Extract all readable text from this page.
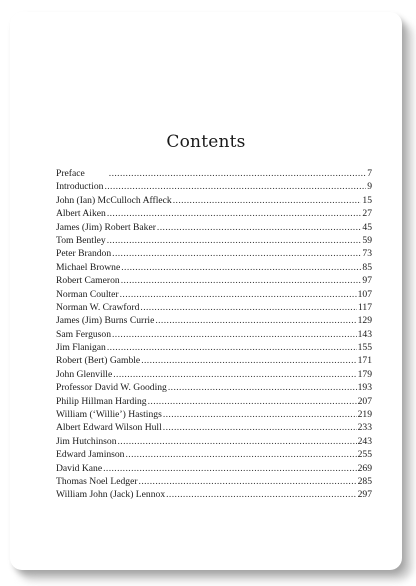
Contents
Preface .....	7
Introduction .....	9
John (Ian) McCulloch Affleck .....	15
Albert Aiken .....	27
James (Jim) Robert Baker .....	45
Tom Bentley .....	59
Peter Brandon .....	73
Michael Browne .....	85
Robert Cameron .....	97
Norman Coulter .....	107
Norman W. Crawford .....	117
James (Jim) Burns Currie .....	129
Sam Ferguson .....	143
Jim Flanigan .....	155
Robert (Bert) Gamble .....	171
John Glenville .....	179
Professor David W. Gooding .....	193
Philip Hillman Harding .....	207
William (‘Willie’) Hastings .....	219
Albert Edward Wilson Hull .....	233
Jim Hutchinson .....	243
Edward Jaminson .....	255
David Kane .....	269
Thomas Noel Ledger .....	285
William John (Jack) Lennox .....	297
